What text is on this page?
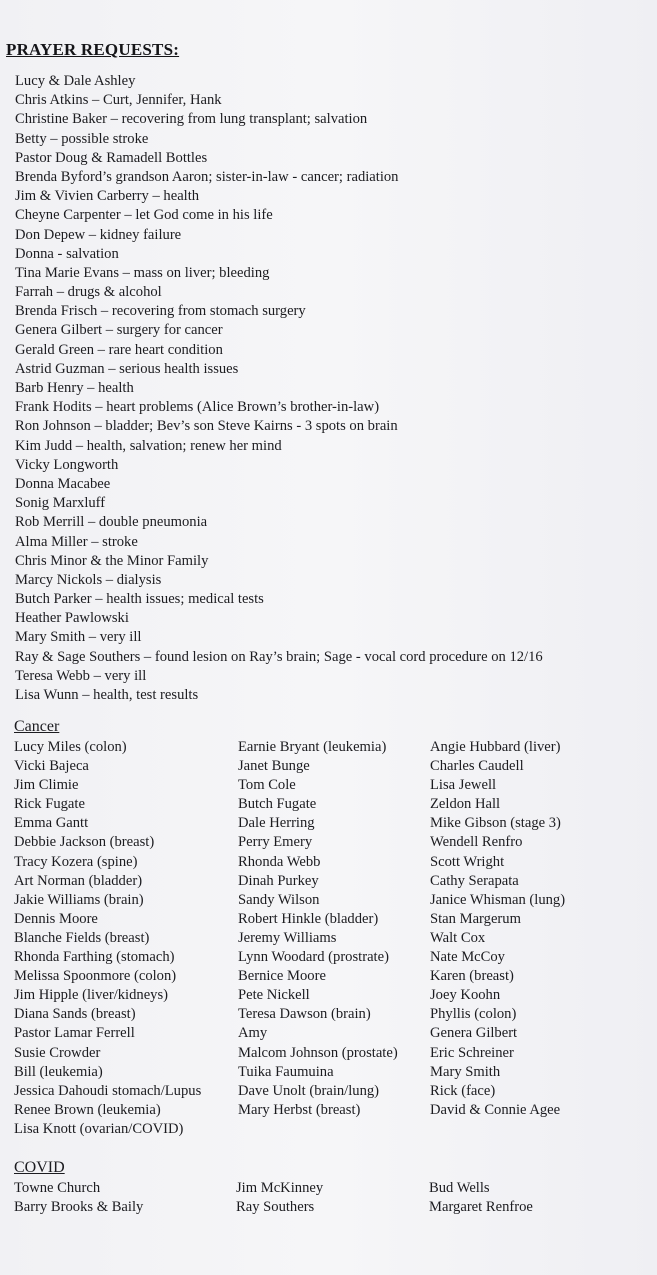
PRAYER REQUESTS:
Lucy & Dale Ashley
Chris Atkins – Curt, Jennifer, Hank
Christine Baker – recovering from lung transplant; salvation
Betty – possible stroke
Pastor Doug & Ramadell Bottles
Brenda Byford’s grandson Aaron; sister-in-law - cancer; radiation
Jim & Vivien Carberry – health
Cheyne Carpenter – let God come in his life
Don Depew – kidney failure
Donna - salvation
Tina Marie Evans – mass on liver; bleeding
Farrah – drugs & alcohol
Brenda Frisch – recovering from stomach surgery
Genera Gilbert – surgery for cancer
Gerald Green – rare heart condition
Astrid Guzman – serious health issues
Barb Henry – health
Frank Hodits – heart problems (Alice Brown’s brother-in-law)
Ron Johnson – bladder; Bev’s son Steve Kairns - 3 spots on brain
Kim Judd – health, salvation; renew her mind
Vicky Longworth
Donna Macabee
Sonig Marxluff
Rob Merrill – double pneumonia
Alma Miller – stroke
Chris Minor & the Minor Family
Marcy Nickols – dialysis
Butch Parker – health issues; medical tests
Heather Pawlowski
Mary Smith – very ill
Ray & Sage Southers – found lesion on Ray’s brain; Sage - vocal cord procedure on 12/16
Teresa Webb – very ill
Lisa Wunn – health, test results
Cancer
Lucy Miles (colon)
Vicki Bajeca
Jim Climie
Rick Fugate
Emma Gantt
Debbie Jackson (breast)
Tracy Kozera (spine)
Art Norman (bladder)
Jakie Williams (brain)
Dennis Moore
Blanche Fields (breast)
Rhonda Farthing (stomach)
Melissa Spoonmore (colon)
Jim Hipple (liver/kidneys)
Diana Sands (breast)
Pastor Lamar Ferrell
Susie Crowder
Bill (leukemia)
Jessica Dahoudi stomach/Lupus
Renee Brown (leukemia)
Lisa Knott (ovarian/COVID)
Earnie Bryant (leukemia)
Janet Bunge
Tom Cole
Butch Fugate
Dale Herring
Perry Emery
Rhonda Webb
Dinah Purkey
Sandy Wilson
Robert Hinkle (bladder)
Jeremy Williams
Lynn Woodard (prostrate)
Bernice Moore
Pete Nickell
Teresa Dawson (brain)
Amy
Malcom Johnson (prostate)
Tuika Faumuina
Dave Unolt (brain/lung)
Mary Herbst (breast)
Angie Hubbard (liver)
Charles Caudell
Lisa Jewell
Zeldon Hall
Mike Gibson (stage 3)
Wendell Renfro
Scott Wright
Cathy Serapata
Janice Whisman (lung)
Stan Margerum
Walt Cox
Nate McCoy
Karen (breast)
Joey Koohn
Phyllis (colon)
Genera Gilbert
Eric Schreiner
Mary Smith
Rick (face)
David & Connie Agee
COVID
Towne Church
Barry Brooks & Baily
Jim McKinney
Ray Southers
Bud Wells
Margaret Renfroe
